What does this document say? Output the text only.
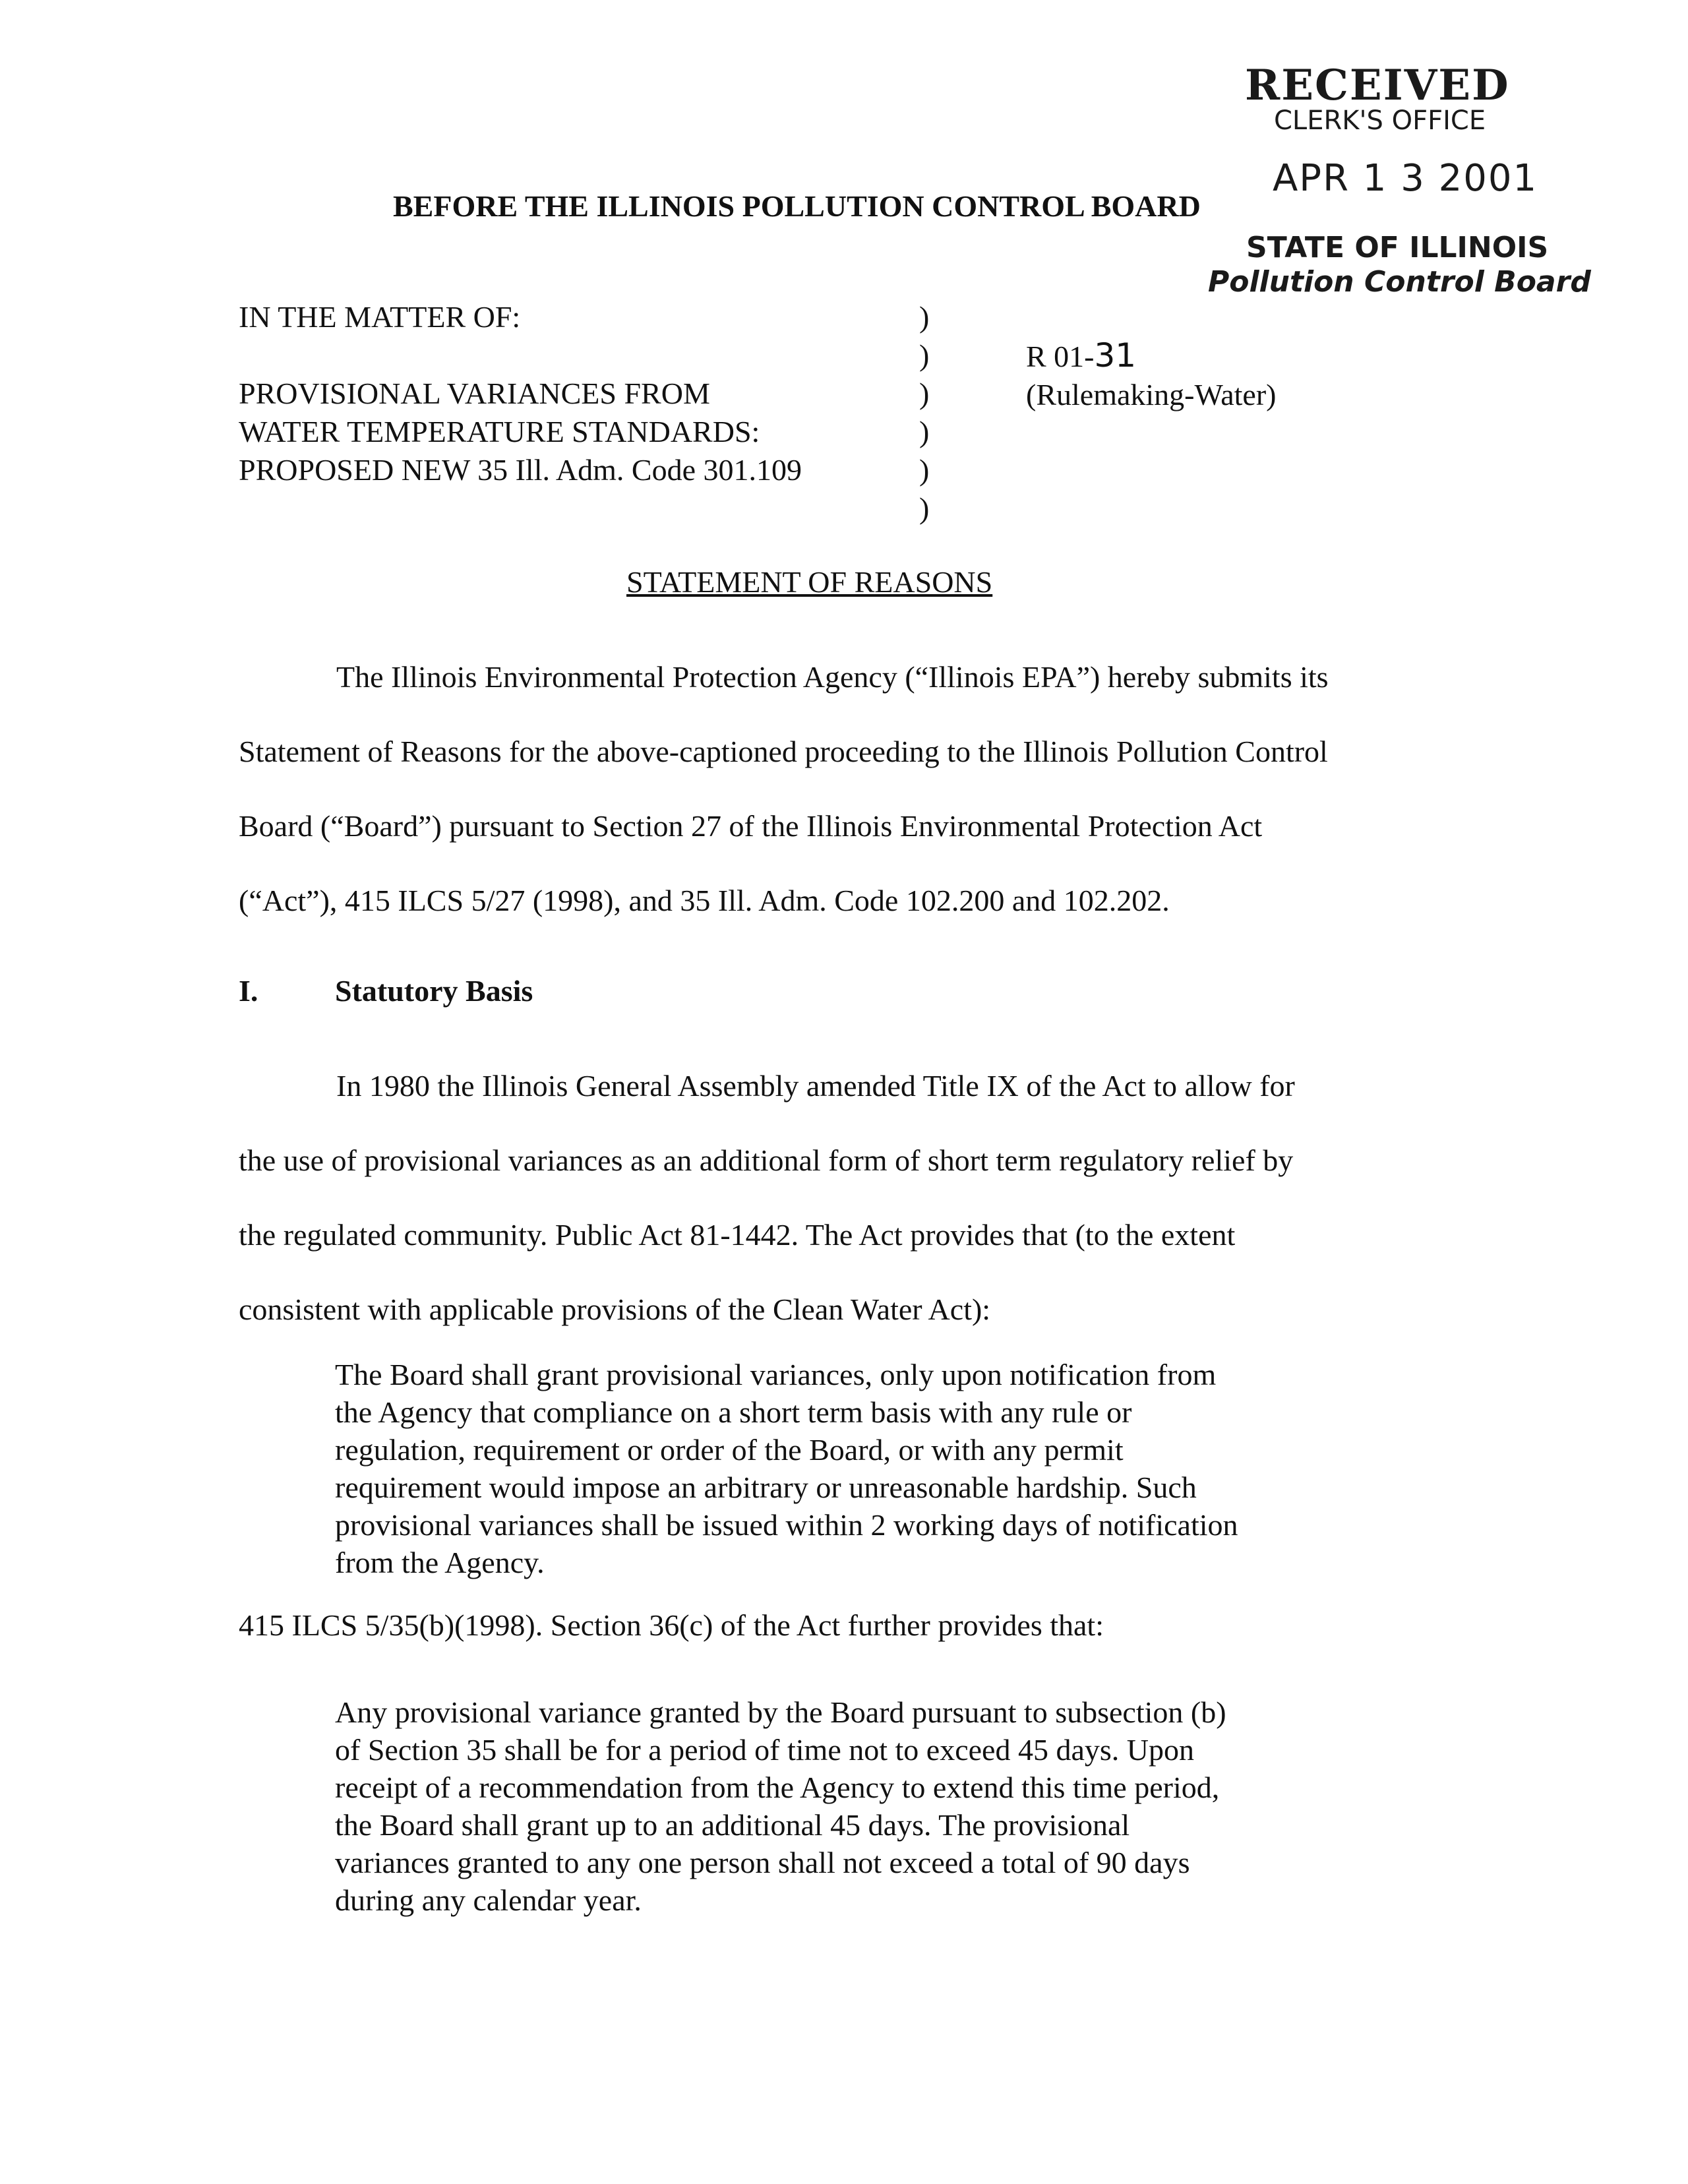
RECEIVED
CLERK'S OFFICE
APR 1 3 2001
STATE OF ILLINOIS
Pollution Control Board
BEFORE THE ILLINOIS POLLUTION CONTROL BOARD
IN THE MATTER OF:
PROVISIONAL VARIANCES FROM
WATER TEMPERATURE STANDARDS:
PROPOSED NEW 35 Ill. Adm. Code 301.109
)
)
)
)
)
)
R 01-31
(Rulemaking-Water)
STATEMENT OF REASONS
The Illinois Environmental Protection Agency (“Illinois EPA”) hereby submits its
Statement of Reasons for the above-captioned proceeding to the Illinois Pollution Control
Board (“Board”) pursuant to Section 27 of the Illinois Environmental Protection Act
(“Act”), 415 ILCS 5/27 (1998), and 35 Ill. Adm. Code 102.200 and 102.202.
I.	Statutory Basis
In 1980 the Illinois General Assembly amended Title IX of the Act to allow for
the use of provisional variances as an additional form of short term regulatory relief by
the regulated community. Public Act 81-1442. The Act provides that (to the extent
consistent with applicable provisions of the Clean Water Act):
The Board shall grant provisional variances, only upon notification from
the Agency that compliance on a short term basis with any rule or
regulation, requirement or order of the Board, or with any permit
requirement would impose an arbitrary or unreasonable hardship. Such
provisional variances shall be issued within 2 working days of notification
from the Agency.
415 ILCS 5/35(b)(1998). Section 36(c) of the Act further provides that:
Any provisional variance granted by the Board pursuant to subsection (b)
of Section 35 shall be for a period of time not to exceed 45 days. Upon
receipt of a recommendation from the Agency to extend this time period,
the Board shall grant up to an additional 45 days. The provisional
variances granted to any one person shall not exceed a total of 90 days
during any calendar year.
